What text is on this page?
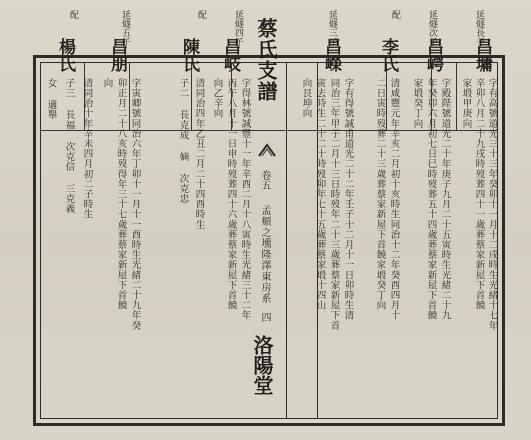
蔡氏支譜
卷五
孟頫之壎隆澤東房系
四
洛陽堂
延燧長子
昌墉
字有高號道光三十三年癸卯十一月十二戌時生光緒十七年
辛卯八月二十九戌時歿葬四十一歲葬蔡家新屋下首饒
家塅甲庚向
延燧次子
昌崿
字殿陛號道光二十年庚子九月二十五寅時生光緒二十九
年癸卯六月初七日巳時歿葬五十四歲葬蔡家新屋下首饒
家塅癸丁向
配
李氏
清咸豐元年辛亥二月初十亥時生同治十二年癸酉四月十
二日寅時歿葬二十三歲葬蔡家新屋下首饒家塅癸丁向
延燧三子
昌嶸
字有得號誠甫道光二十二年壬子十二月十一日卯時生清
同治三年甲子二月十三日時歿年二十三歲葬蔡家新屋下首
寅去時生二十二十時歿卯年七十五歲葬蔡家塅十四山
向艮坤向
延燧四子
昌岐
字得林號誠豐十一年辛酉二月十八寅時生光緒三十二年
丙午八月十一日申時歿葬四十六歲葬蔡家新屋下首饒
向乙辛向
配
陳氏
清同治四年乙丑二月二十四酉時生
子二 長克成 嫡 次克忠
延燧五子
昌朋
字寅卿號同治六年丁卯十一月十一酉時生光緒二十九年癸
卯正月二十八亥時歿得年三十七歲葬蔡家新屋下首饒
向
配
楊氏
清同治十年辛未四月初二子時生
子三 長福 次克信 三克義
女 適舉
